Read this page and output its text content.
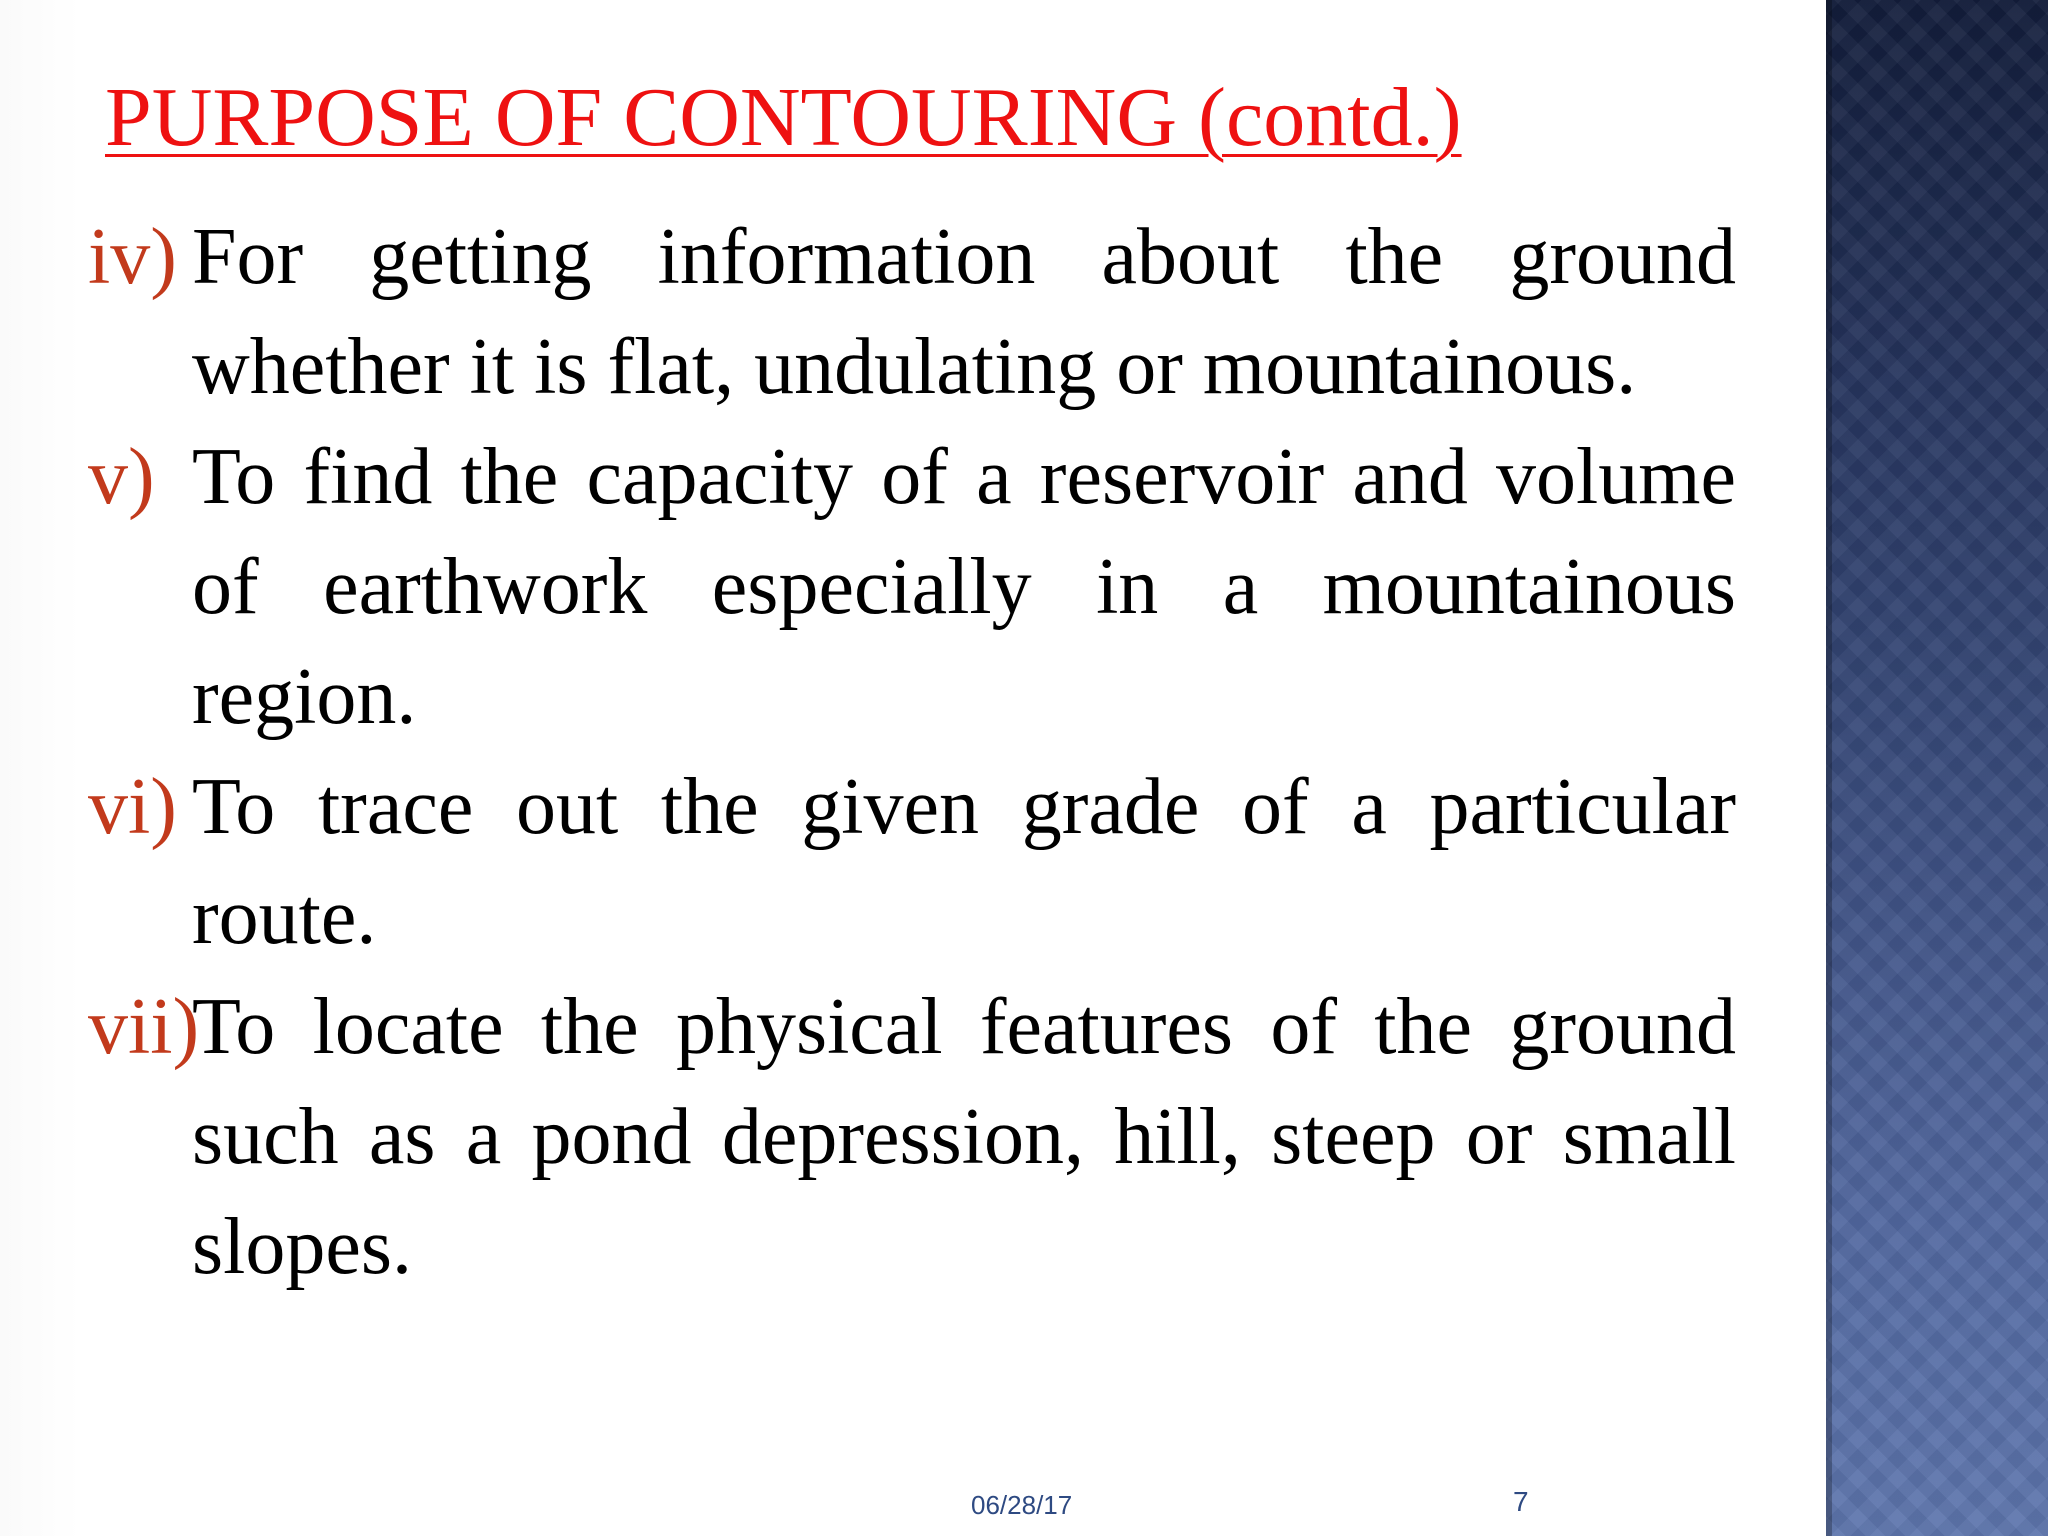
PURPOSE OF CONTOURING (contd.)
iv) For getting information about the ground whether it is flat, undulating or mountainous.
v) To find the capacity of a reservoir and volume of earthwork especially in a mountainous region.
vi) To trace out the given grade of a particular route.
vii)
To locate the physical features of the ground such as a pond depression, hill, steep or small slopes.
06/28/17	7
